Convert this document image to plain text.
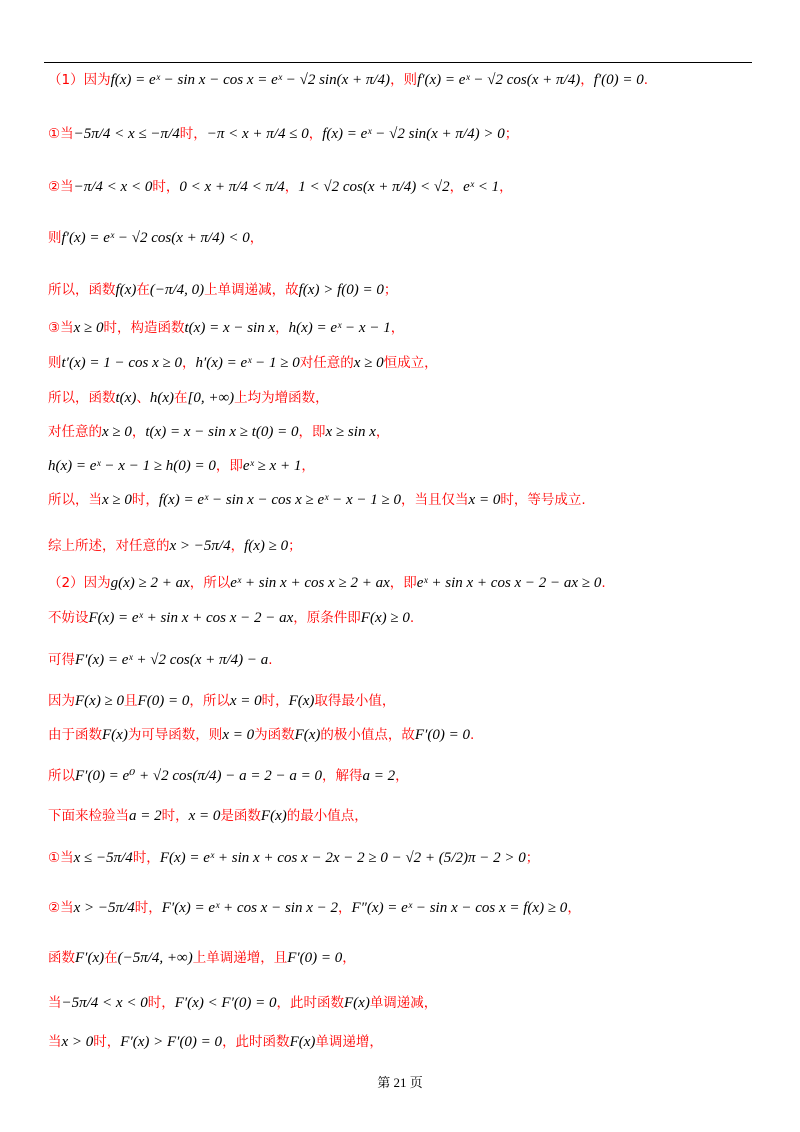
（1）因为f(x) = eˣ − sin x − cos x = eˣ − √2 sin(x + π/4)，则f′(x) = eˣ − √2 cos(x + π/4)，f′(0) = 0.
①当−5π/4 < x ≤ −π/4时，−π < x + π/4 ≤ 0，f(x) = eˣ − √2 sin(x + π/4) > 0；
②当−π/4 < x < 0时，0 < x + π/4 < π/4，1 < √2 cos(x + π/4) < √2，eˣ < 1，
则f′(x) = eˣ − √2 cos(x + π/4) < 0，
所以，函数f(x)在(−π/4, 0)上单调递减，故f(x) > f(0) = 0；
③当x ≥ 0时，构造函数t(x) = x − sin x，h(x) = eˣ − x − 1，
则t′(x) = 1 − cos x ≥ 0，h′(x) = eˣ − 1 ≥ 0对任意的x ≥ 0恒成立，
所以，函数t(x)、h(x)在[0, +∞)上均为增函数，
对任意的x ≥ 0，t(x) = x − sin x ≥ t(0) = 0，即x ≥ sin x，
h(x) = eˣ − x − 1 ≥ h(0) = 0，即eˣ ≥ x + 1，
所以，当x ≥ 0时，f(x) = eˣ − sin x − cos x ≥ eˣ − x − 1 ≥ 0，当且仅当x = 0时，等号成立.
综上所述，对任意的x > −5π/4，f(x) ≥ 0；
（2）因为g(x) ≥ 2 + ax，所以eˣ + sin x + cos x ≥ 2 + ax，即eˣ + sin x + cos x − 2 − ax ≥ 0.
不妨设F(x) = eˣ + sin x + cos x − 2 − ax，原条件即F(x) ≥ 0.
可得F′(x) = eˣ + √2 cos(x + π/4) − a.
因为F(x) ≥ 0且F(0) = 0，所以x = 0时，F(x)取得最小值，
由于函数F(x)为可导函数，则x = 0为函数F(x)的极小值点，故F′(0) = 0.
所以F′(0) = e⁰ + √2 cos(π/4) − a = 2 − a = 0，解得a = 2，
下面来检验当a = 2时，x = 0是函数F(x)的最小值点，
①当x ≤ −5π/4时，F(x) = eˣ + sin x + cos x − 2x − 2 ≥ 0 − √2 + (5/2)π − 2 > 0；
②当x > −5π/4时，F′(x) = eˣ + cos x − sin x − 2，F″(x) = eˣ − sin x − cos x = f(x) ≥ 0，
函数F′(x)在(−5π/4, +∞)上单调递增，且F′(0) = 0，
当−5π/4 < x < 0时，F′(x) < F′(0) = 0，此时函数F(x)单调递减，
当x > 0时，F′(x) > F′(0) = 0，此时函数F(x)单调递增，
第 21 页
